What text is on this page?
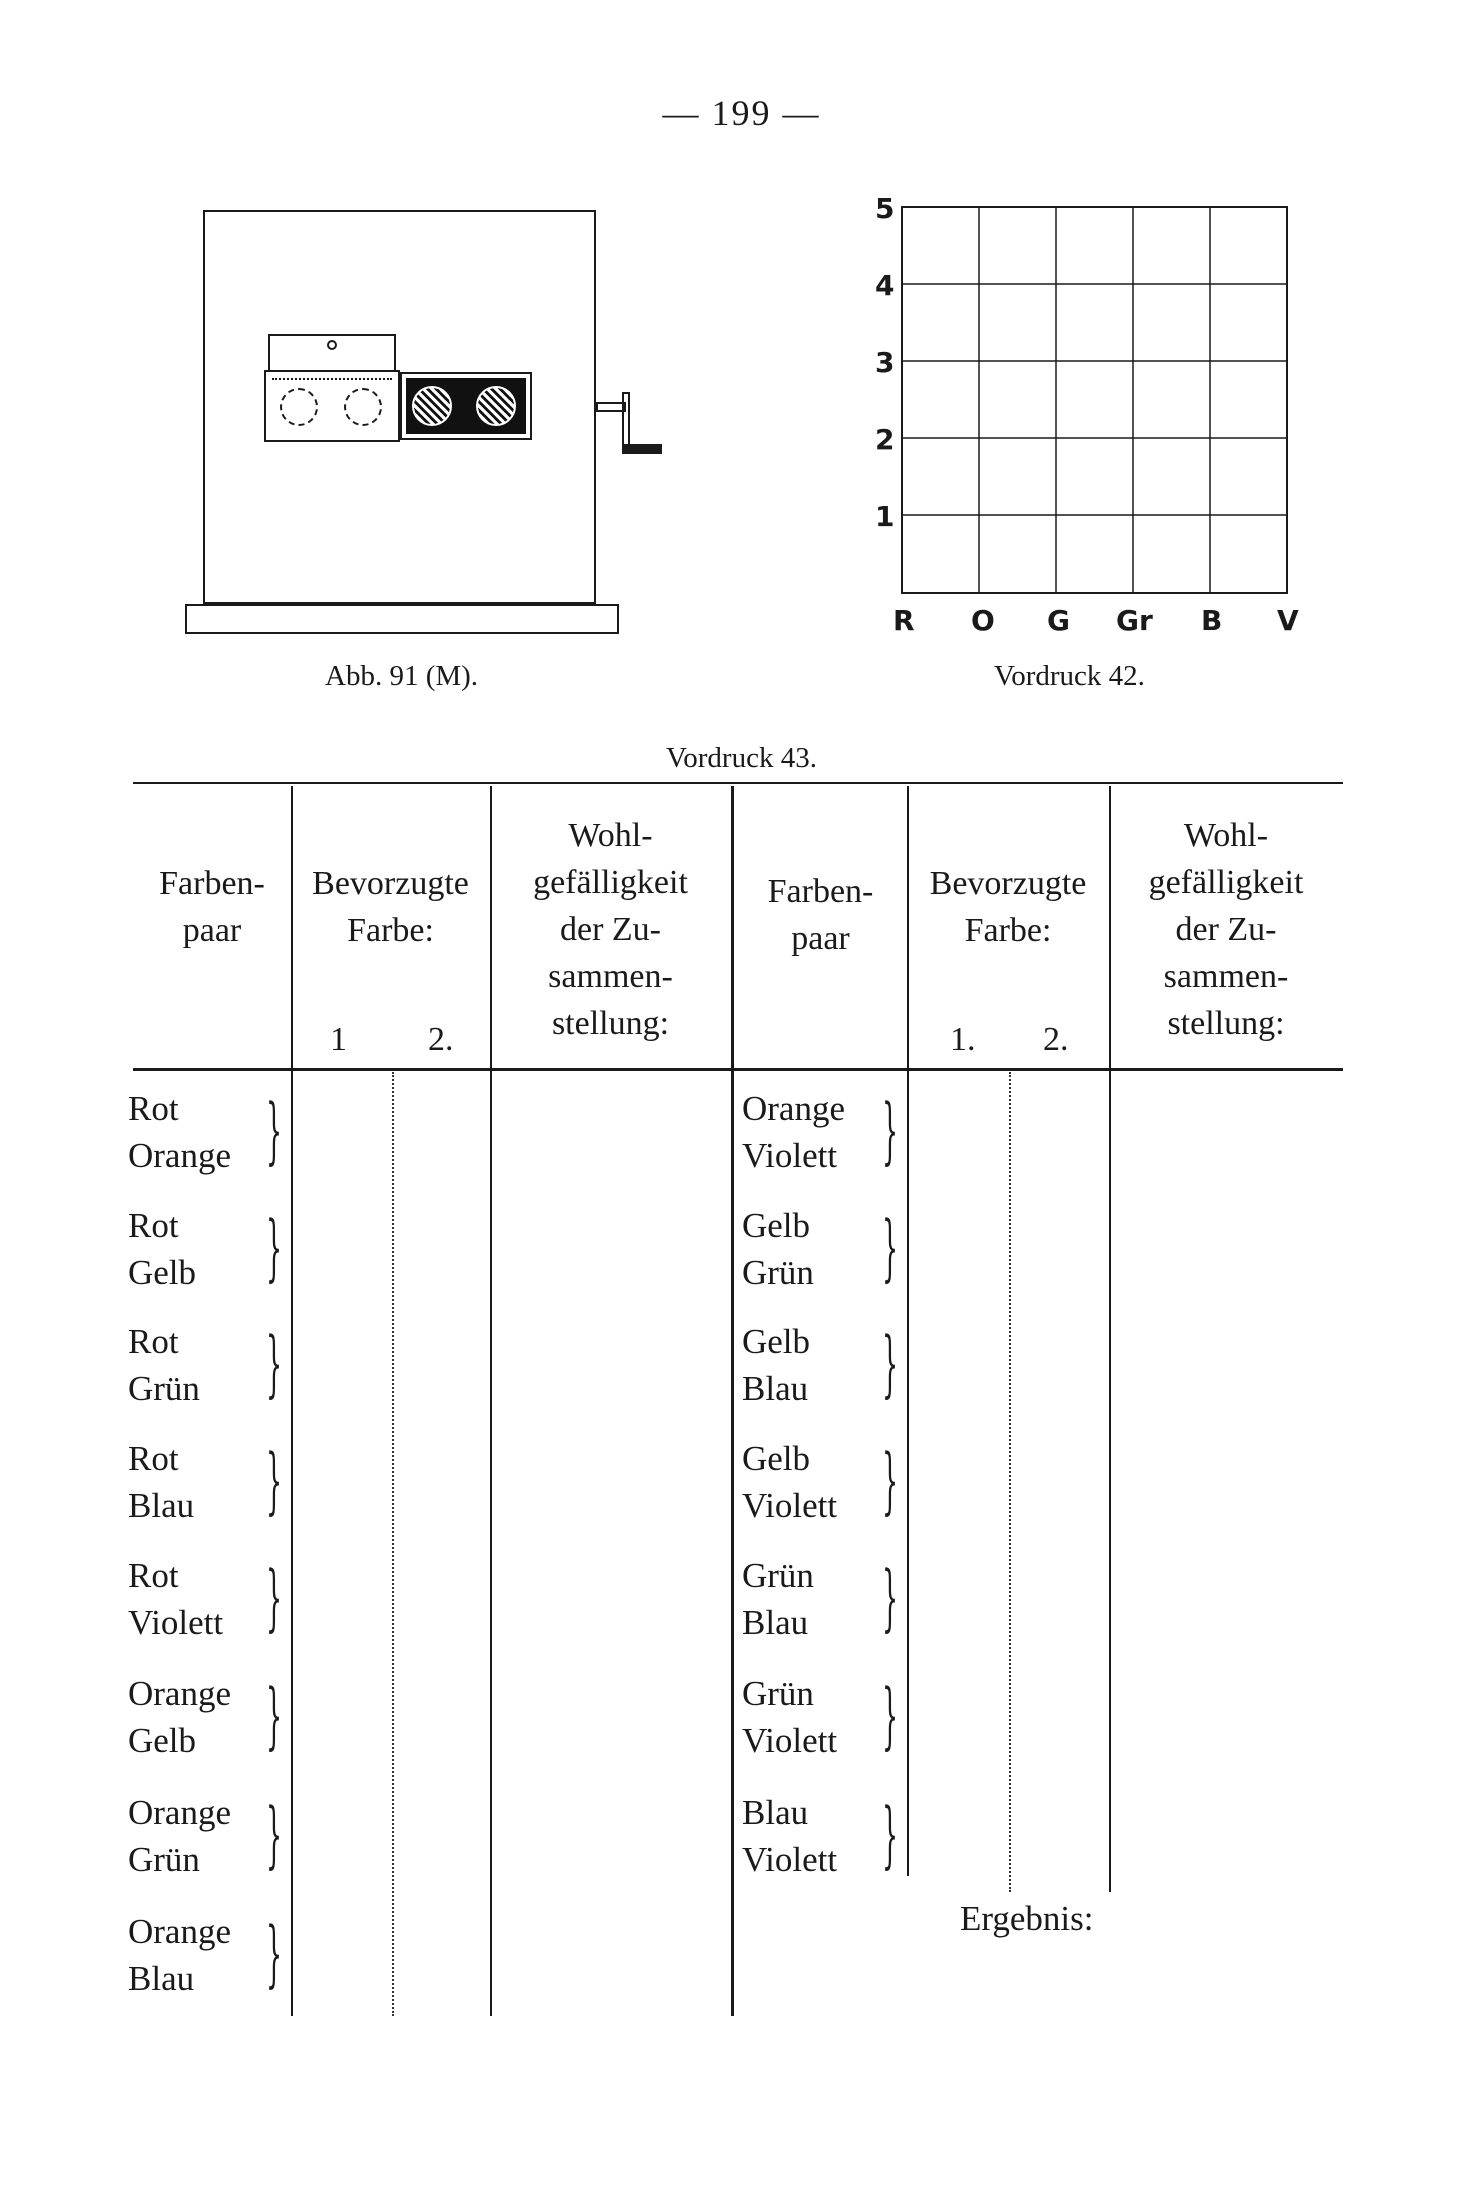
— 199 —
Abb. 91 (M).
5
4
3
2
1
R O G Gr B V
Vordruck 42.
Vordruck 43.
Farben-
paar
Bevorzugte
Farbe:
Wohl-
gefälligkeit
der Zu-
sammen-
stellung:
1 2.
Farben-
paar
Bevorzugte
Farbe:
Wohl-
gefälligkeit
der Zu-
sammen-
stellung:
1. 2.
Rot
Orange
Rot
Gelb
Rot
Grün
Rot
Blau
Rot
Violett
Orange
Gelb
Orange
Grün
Orange
Blau
}
}
}
}
}
}
}
}
Orange
Violett
Gelb
Grün
Gelb
Blau
Gelb
Violett
Grün
Blau
Grün
Violett
Blau
Violett
}
}
}
}
}
}
}
Ergebnis:
